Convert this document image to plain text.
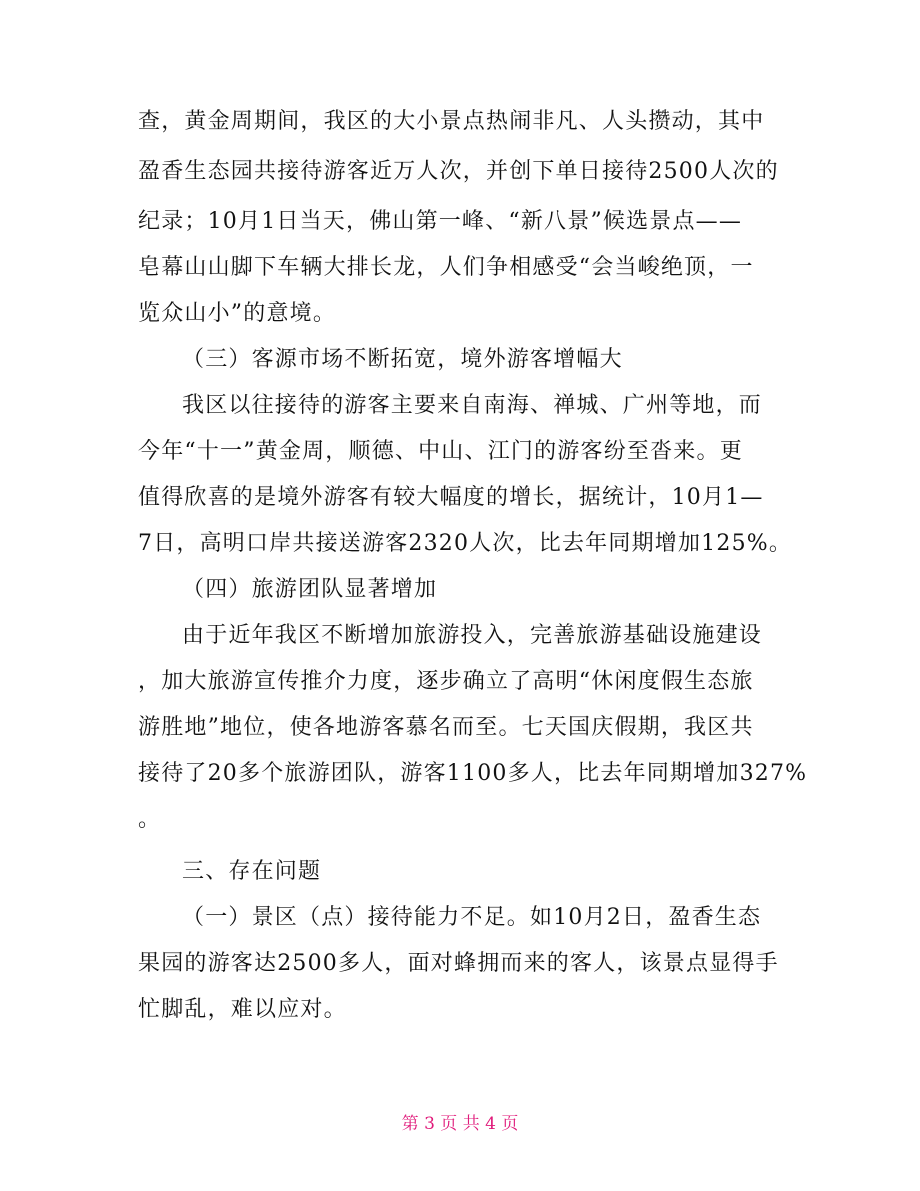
查，黄金周期间，我区的大小景点热闹非凡、人头攒动，其中
盈香生态园共接待游客近万人次，并创下单日接待2500人次的
纪录；10月1日当天，佛山第一峰、“新八景”候选景点——
皂幕山山脚下车辆大排长龙，人们争相感受“会当峻绝顶，一
览众山小”的意境。
（三）客源市场不断拓宽，境外游客增幅大
我区以往接待的游客主要来自南海、禅城、广州等地，而
今年“十一”黄金周，顺德、中山、江门的游客纷至沓来。更
值得欣喜的是境外游客有较大幅度的增长，据统计，10月1—
7日，高明口岸共接送游客2320人次，比去年同期增加125%。
（四）旅游团队显著增加
由于近年我区不断增加旅游投入，完善旅游基础设施建设
，加大旅游宣传推介力度，逐步确立了高明“休闲度假生态旅
游胜地”地位，使各地游客慕名而至。七天国庆假期，我区共
接待了20多个旅游团队，游客1100多人，比去年同期增加327%
。
三、存在问题
（一）景区（点）接待能力不足。如10月2日，盈香生态
果园的游客达2500多人，面对蜂拥而来的客人，该景点显得手
忙脚乱，难以应对。
第 3 页 共 4 页
